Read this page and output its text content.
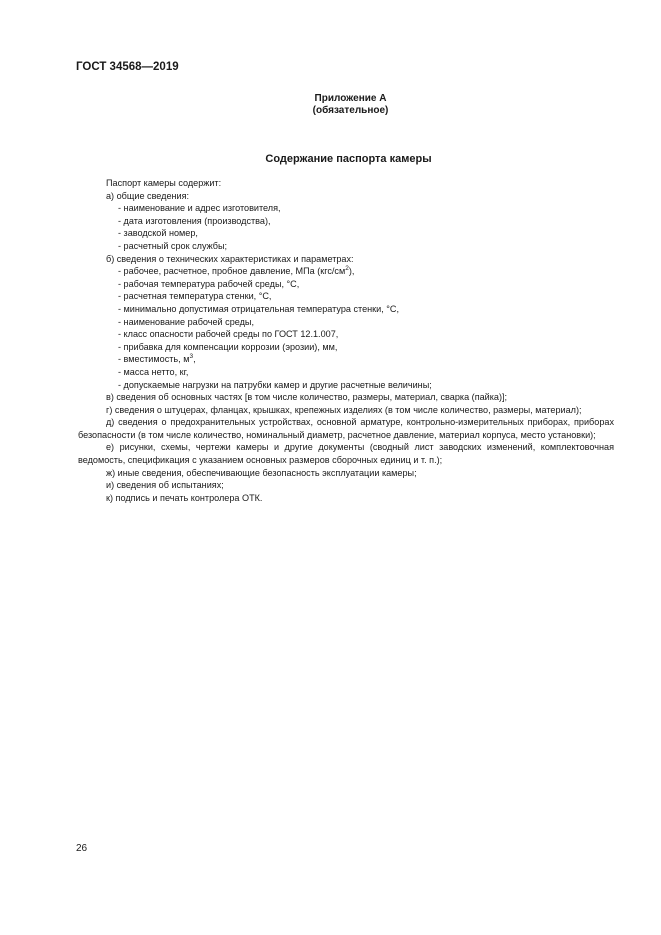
ГОСТ 34568—2019
Приложение А
(обязательное)
Содержание паспорта камеры
Паспорт камеры содержит:
а) общие сведения:
- наименование и адрес изготовителя,
- дата изготовления (производства),
- заводской номер,
- расчетный срок службы;
б) сведения о технических характеристиках и параметрах:
- рабочее, расчетное, пробное давление, МПа $(кгс/см^2)$,
- рабочая температура рабочей среды, °С,
- расчетная температура стенки, °С,
- минимально допустимая отрицательная температура стенки, °С,
- наименование рабочей среды,
- класс опасности рабочей среды по ГОСТ 12.1.007,
- прибавка для компенсации коррозии (эрозии), мм,
- вместимость, $м^3$,
- масса нетто, кг,
- допускаемые нагрузки на патрубки камер и другие расчетные величины;
в) сведения об основных частях [в том числе количество, размеры, материал, сварка (пайка)];
г) сведения о штуцерах, фланцах, крышках, крепежных изделиях (в том числе количество, размеры, материал);
д) сведения о предохранительных устройствах, основной арматуре, контрольно-измерительных приборах, приборах безопасности (в том числе количество, номинальный диаметр, расчетное давление, материал корпуса, место установки);
е) рисунки, схемы, чертежи камеры и другие документы (сводный лист заводских изменений, комплектовочная ведомость, спецификация с указанием основных размеров сборочных единиц и т. п.);
ж) иные сведения, обеспечивающие безопасность эксплуатации камеры;
и) сведения об испытаниях;
к) подпись и печать контролера ОТК.
26
